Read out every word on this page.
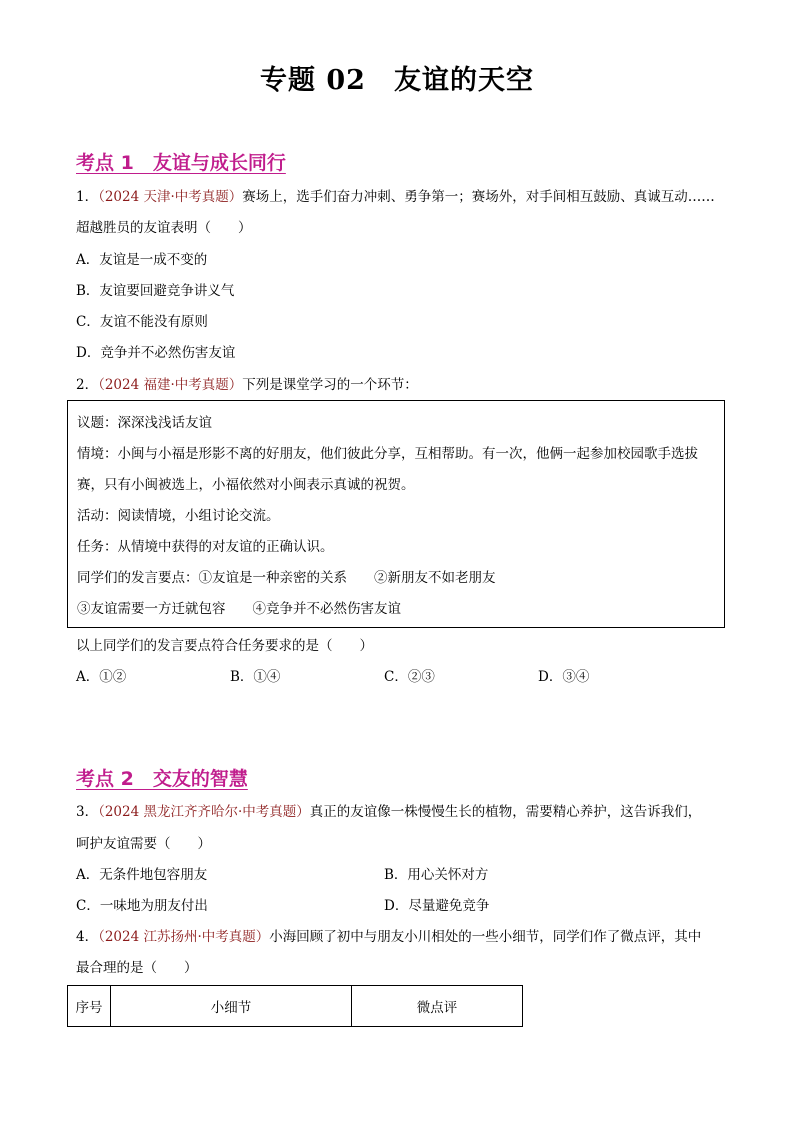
专题 02　友谊的天空
考点 1　友谊与成长同行
1．（2024 天津·中考真题）赛场上，选手们奋力冲刺、勇争第一；赛场外，对手间相互鼓励、真诚互动……
超越胜员的友谊表明（　　）
A．友谊是一成不变的
B．友谊要回避竞争讲义气
C．友谊不能没有原则
D．竞争并不必然伤害友谊
2．（2024 福建·中考真题）下列是课堂学习的一个环节：
议题：深深浅浅话友谊
情境：小闽与小福是形影不离的好朋友，他们彼此分享，互相帮助。有一次，他俩一起参加校园歌手选拔
赛，只有小闽被选上，小福依然对小闽表示真诚的祝贺。
活动：阅读情境，小组讨论交流。
任务：从情境中获得的对友谊的正确认识。
同学们的发言要点：①友谊是一种亲密的关系　　②新朋友不如老朋友
③友谊需要一方迁就包容　　④竞争并不必然伤害友谊
以上同学们的发言要点符合任务要求的是（　　）
A．①②	B．①④	C．②③	D．③④
考点 2　交友的智慧
3．（2024 黑龙江齐齐哈尔·中考真题）真正的友谊像一株慢慢生长的植物，需要精心养护，这告诉我们，
呵护友谊需要（　　）
A．无条件地包容朋友	B．用心关怀对方
C．一味地为朋友付出	D．尽量避免竞争
4．（2024 江苏扬州·中考真题）小海回顾了初中与朋友小川相处的一些小细节，同学们作了微点评，其中
最合理的是（　　）
序号	小细节	微点评
